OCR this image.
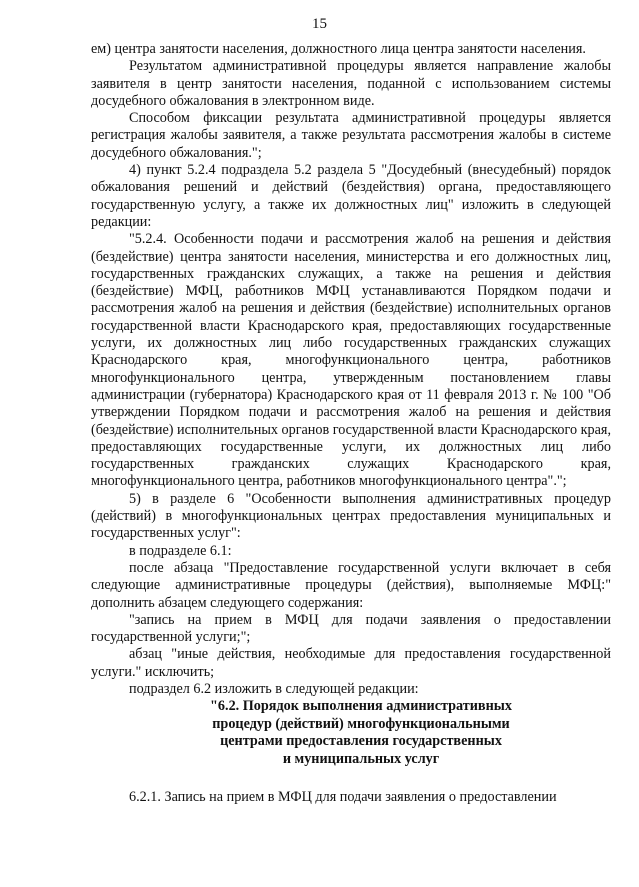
15

ем) центра занятости населения, должностного лица центра занятости населения.

Результатом административной процедуры является направление жалобы заявителя в центр занятости населения, поданной с использованием системы досудебного обжалования в электронном виде.

Способом фиксации результата административной процедуры является регистрация жалобы заявителя, а также результата рассмотрения жалобы в системе досудебного обжалования.";

4) пункт 5.2.4 подраздела 5.2 раздела 5 "Досудебный (внесудебный) порядок обжалования решений и действий (бездействия) органа, предоставляющего государственную услугу, а также их должностных лиц" изложить в следующей редакции:

"5.2.4. Особенности подачи и рассмотрения жалоб на решения и действия (бездействие) центра занятости населения, министерства и его должностных лиц, государственных гражданских служащих, а также на решения и действия (бездействие) МФЦ, работников МФЦ устанавливаются Порядком подачи и рассмотрения жалоб на решения и действия (бездействие) исполнительных органов государственной власти Краснодарского края, предоставляющих государственные услуги, их должностных лиц либо государственных гражданских служащих Краснодарского края, многофункционального центра, работников многофункционального центра, утвержденным постановлением главы администрации (губернатора) Краснодарского края от 11 февраля 2013 г. № 100 "Об утверждении Порядком подачи и рассмотрения жалоб на решения и действия (бездействие) исполнительных органов государственной власти Краснодарского края, предоставляющих государственные услуги, их должностных лиц либо государственных гражданских служащих Краснодарского края, многофункционального центра, работников многофункционального центра".";

5) в разделе 6 "Особенности выполнения административных процедур (действий) в многофункциональных центрах предоставления муниципальных и государственных услуг":

в подразделе 6.1:

после абзаца "Предоставление государственной услуги включает в себя следующие административные процедуры (действия), выполняемые МФЦ:" дополнить абзацем следующего содержания:

"запись на прием в МФЦ для подачи заявления о предоставлении государственной услуги;";

абзац "иные действия, необходимые для предоставления государственной услуги." исключить;

подраздел 6.2 изложить в следующей редакции:

"6.2. Порядок выполнения административных
процедур (действий) многофункциональными
центрами предоставления государственных
и муниципальных услуг

6.2.1. Запись на прием в МФЦ для подачи заявления о предоставлении
